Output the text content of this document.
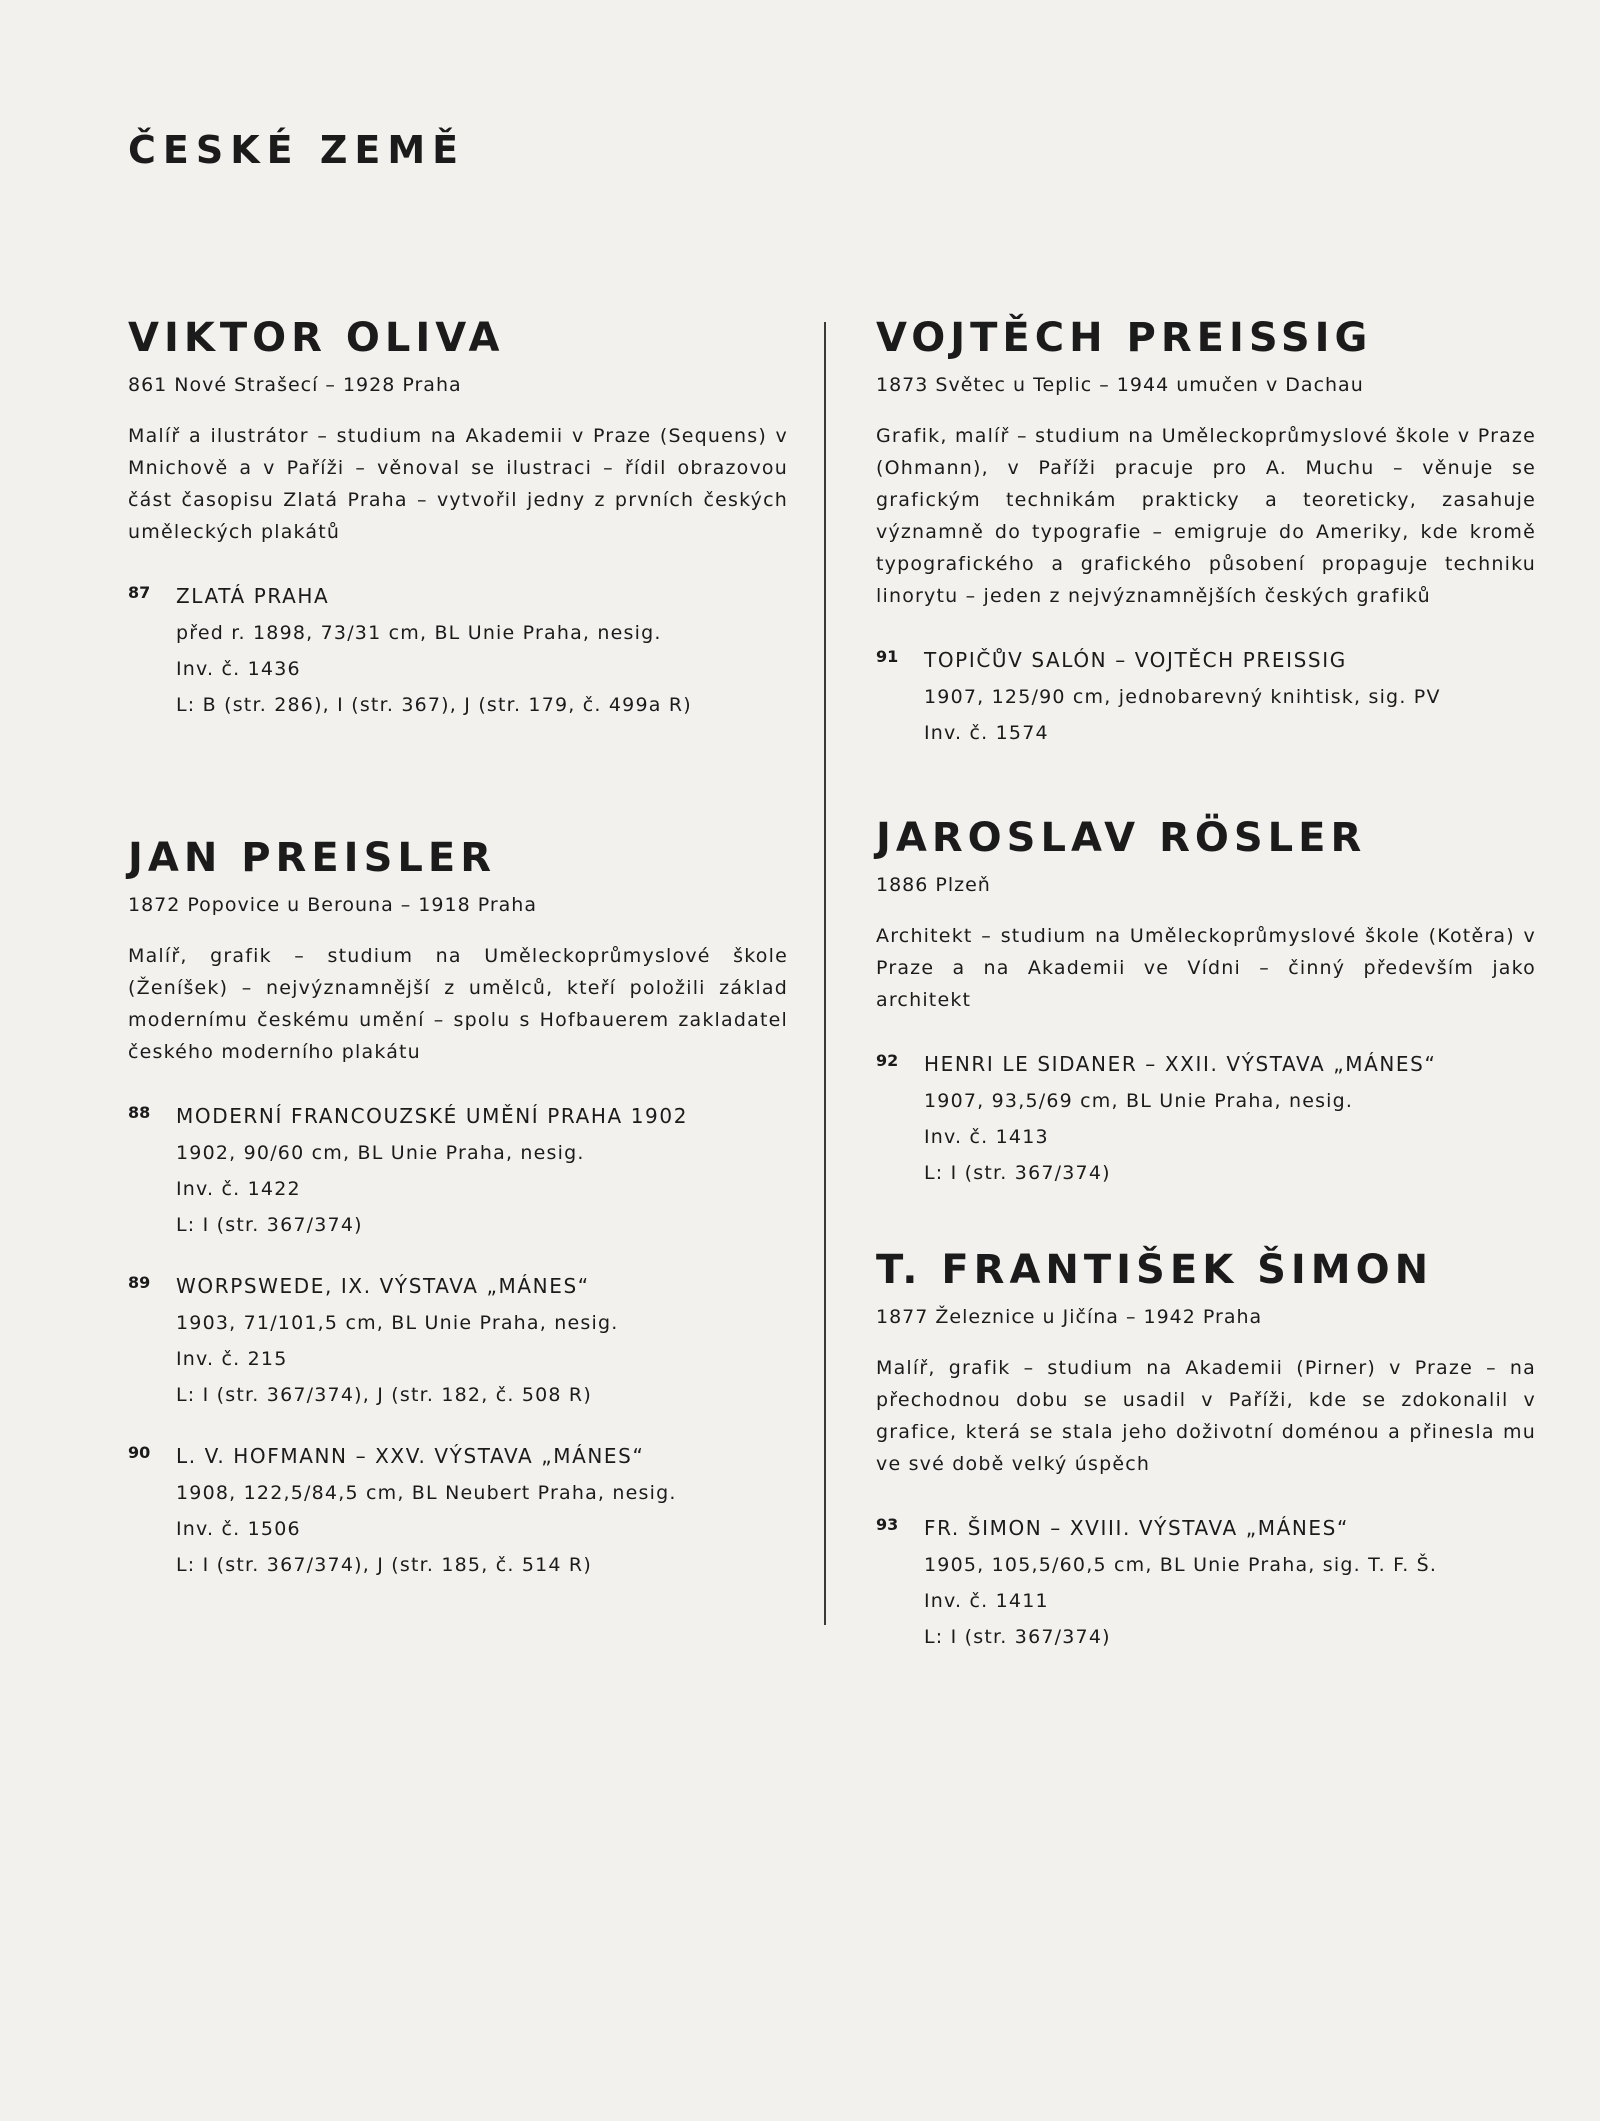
ČESKÉ ZEMĚ
VIKTOR OLIVA

861 Nové Strašecí – 1928 Praha

Malíř a ilustrátor – studium na Akademii v Praze (Sequens) v Mnichově a v Paříži – věnoval se ilustraci – řídil obrazovou část časopisu Zlatá Praha – vytvořil jedny z prvních českých uměleckých plakátů

87 ZLATÁ PRAHA

před r. 1898, 73/31 cm, BL Unie Praha, nesig.
Inv. č. 1436
L: B (str. 286), I (str. 367), J (str. 179, č. 499a R)
JAN PREISLER

1872 Popovice u Berouna – 1918 Praha

Malíř, grafik – studium na Uměleckoprůmyslové škole (Ženíšek) – nejvýznamnější z umělců, kteří položili základ modernímu českému umění – spolu s Hofbauerem zakladatel českého moderního plakátu

88 MODERNÍ FRANCOUZSKÉ UMĚNÍ PRAHA 1902

1902, 90/60 cm, BL Unie Praha, nesig.
Inv. č. 1422
L: I (str. 367/374)
89 WORPSWEDE, IX. VÝSTAVA „MÁNES“

1903, 71/101,5 cm, BL Unie Praha, nesig.
Inv. č. 215
L: I (str. 367/374), J (str. 182, č. 508 R)
90 L. V. HOFMANN – XXV. VÝSTAVA „MÁNES“

1908, 122,5/84,5 cm, BL Neubert Praha, nesig.
Inv. č. 1506
L: I (str. 367/374), J (str. 185, č. 514 R)
VOJTĚCH PREISSIG

1873 Světec u Teplic – 1944 umučen v Dachau

Grafik, malíř – studium na Uměleckoprůmyslové škole v Praze (Ohmann), v Paříži pracuje pro A. Muchu – věnuje se grafickým technikám prakticky a teoreticky, zasahuje významně do typografie – emigruje do Ameriky, kde kromě typografického a grafického působení propaguje techniku linorytu – jeden z nejvýznamnějších českých grafiků

91 TOPIČŮV SALÓN – VOJTĚCH PREISSIG

1907, 125/90 cm, jednobarevný knihtisk, sig. PV
Inv. č. 1574
JAROSLAV RÖSLER

1886 Plzeň

Architekt – studium na Uměleckoprůmyslové škole (Kotěra) v Praze a na Akademii ve Vídni – činný především jako architekt

92 HENRI LE SIDANER – XXII. VÝSTAVA „MÁNES“

1907, 93,5/69 cm, BL Unie Praha, nesig.
Inv. č. 1413
L: I (str. 367/374)
T. FRANTIŠEK ŠIMON

1877 Železnice u Jičína – 1942 Praha

Malíř, grafik – studium na Akademii (Pirner) v Praze – na přechodnou dobu se usadil v Paříži, kde se zdokonalil v grafice, která se stala jeho doživotní doménou a přinesla mu ve své době velký úspěch

93 FR. ŠIMON – XVIII. VÝSTAVA „MÁNES“

1905, 105,5/60,5 cm, BL Unie Praha, sig. T. F. Š.
Inv. č. 1411
L: I (str. 367/374)
